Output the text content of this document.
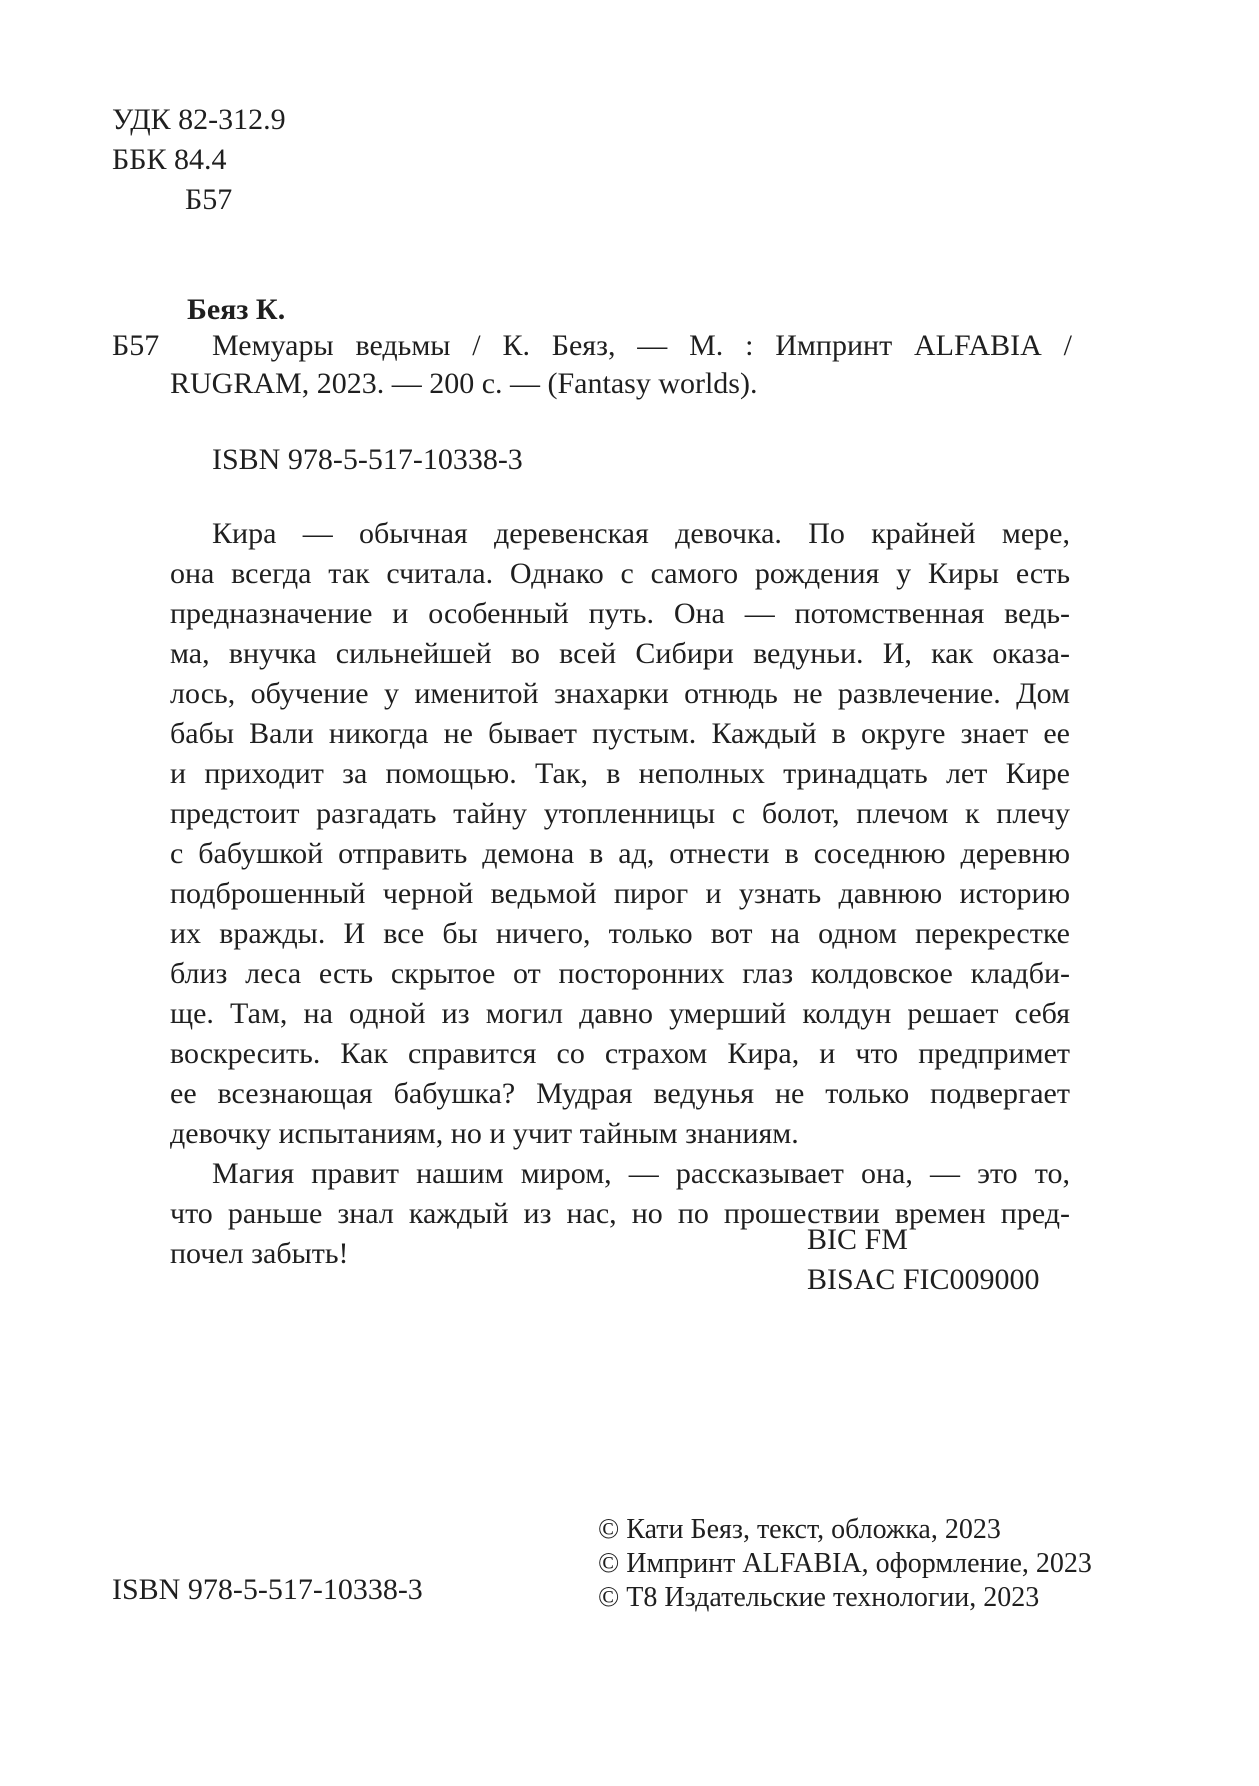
УДК 82-312.9
ББК 84.4
Б57
Беяз К.
Б57 Мемуары ведьмы / К. Беяз, — М. : Импринт ALFABIA /
RUGRAM, 2023. — 200 с. — (Fantasy worlds).
ISBN 978-5-517-10338-3
Кира — обычная деревенская девочка. По крайней мере,
она всегда так считала. Однако с самого рождения у Киры есть
предназначение и особенный путь. Она — потомственная ведь-
ма, внучка сильнейшей во всей Сибири ведуньи. И, как оказа-
лось, обучение у именитой знахарки отнюдь не развлечение. Дом
бабы Вали никогда не бывает пустым. Каждый в округе знает ее
и приходит за помощью. Так, в неполных тринадцать лет Кире
предстоит разгадать тайну утопленницы с болот, плечом к плечу
с бабушкой отправить демона в ад, отнести в соседнюю деревню
подброшенный черной ведьмой пирог и узнать давнюю историю
их вражды. И все бы ничего, только вот на одном перекрестке
близ леса есть скрытое от посторонних глаз колдовское кладби-
ще. Там, на одной из могил давно умерший колдун решает себя
воскресить. Как справится со страхом Кира, и что предпримет
ее всезнающая бабушка? Мудрая ведунья не только подвергает
девочку испытаниям, но и учит тайным знаниям.
Магия правит нашим миром, — рассказывает она, — это то,
что раньше знал каждый из нас, но по прошествии времен пред-
почел забыть!	BIC FM
BISAC FIC009000
© Кати Беяз, текст, обложка, 2023
© Импринт ALFABIA, оформление, 2023
© Т8 Издательские технологии, 2023
ISBN 978-5-517-10338-3
